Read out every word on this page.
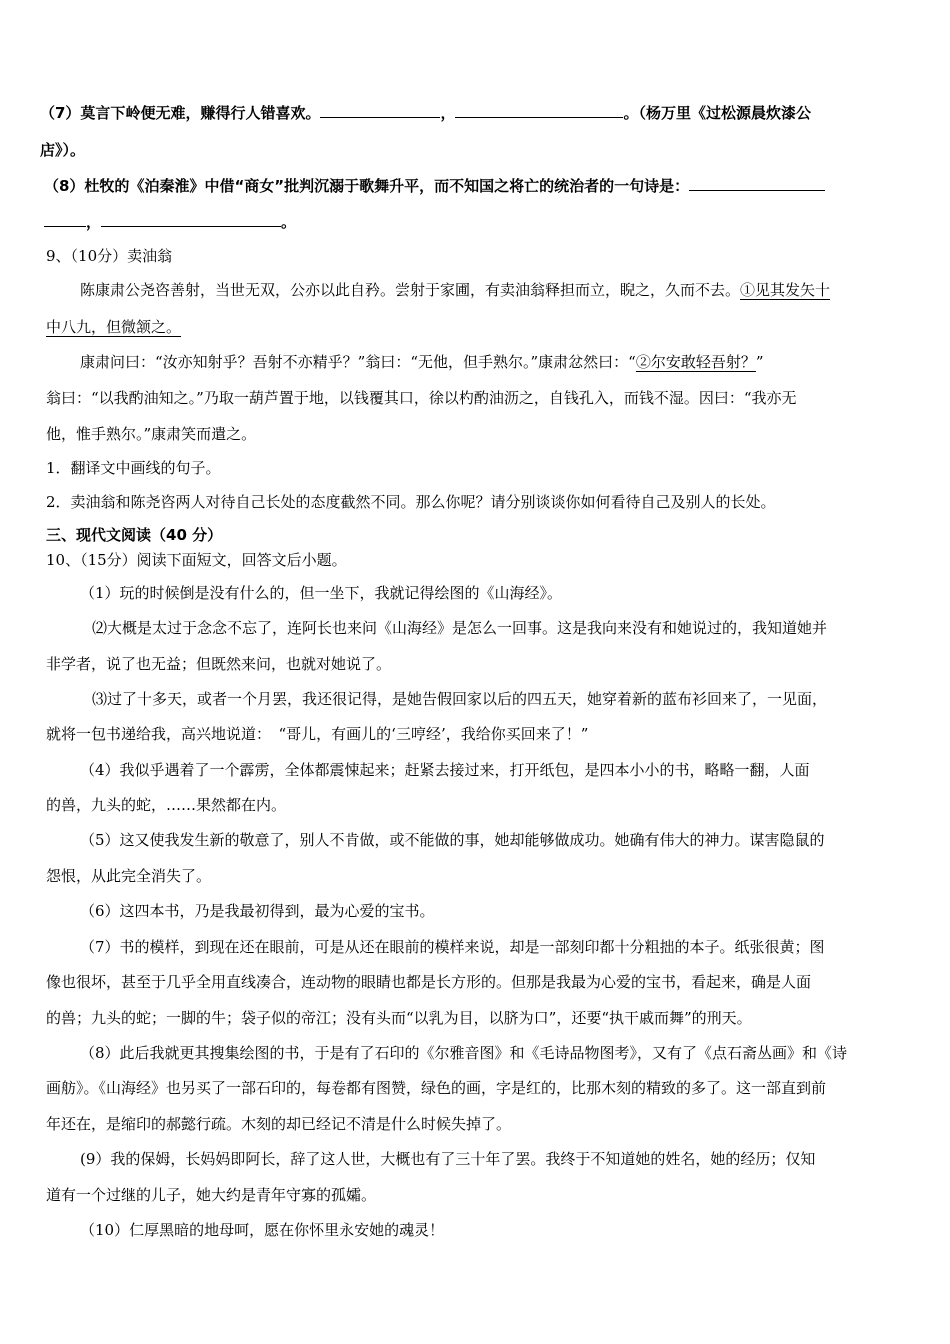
（7）莫言下岭便无难，赚得行人错喜欢。	，	。（杨万里《过松源晨炊漆公
店》）。
（8）杜牧的《泊秦淮》中借“商女”批判沉溺于歌舞升平，而不知国之将亡的统治者的一句诗是：
，	。
9、（10分）卖油翁
陈康肃公尧咨善射，当世无双，公亦以此自矜。尝射于家圃，有卖油翁释担而立，睨之，久而不去。①见其发矢十
中八九，但微颔之。
康肃问曰：“汝亦知射乎？吾射不亦精乎？”翁曰：“无他，但手熟尔。”康肃忿然曰：“②尔安敢轻吾射？”
翁曰：“以我酌油知之。”乃取一葫芦置于地，以钱覆其口，徐以杓酌油沥之，自钱孔入，而钱不湿。因曰：“我亦无
他，惟手熟尔。”康肃笑而遣之。
1．翻译文中画线的句子。
2．卖油翁和陈尧咨两人对待自己长处的态度截然不同。那么你呢？请分别谈谈你如何看待自己及别人的长处。
三、现代文阅读（40 分）
10、（15分）阅读下面短文，回答文后小题。
（1）玩的时候倒是没有什么的，但一坐下，我就记得绘图的《山海经》。
⑵大概是太过于念念不忘了，连阿长也来问《山海经》是怎么一回事。这是我向来没有和她说过的，我知道她并
非学者，说了也无益；但既然来问，也就对她说了。
⑶过了十多天，或者一个月罢，我还很记得，是她告假回家以后的四五天，她穿着新的蓝布衫回来了，一见面，
就将一包书递给我，高兴地说道：　“哥儿，有画儿的‘三哼经’，我给你买回来了！”
（4）我似乎遇着了一个霹雳，全体都震悚起来；赶紧去接过来，打开纸包，是四本小小的书，略略一翻，人面
的兽，九头的蛇，……果然都在内。
（5）这又使我发生新的敬意了，别人不肯做，或不能做的事，她却能够做成功。她确有伟大的神力。谋害隐鼠的
怨恨，从此完全消失了。
（6）这四本书，乃是我最初得到，最为心爱的宝书。
（7）书的模样，到现在还在眼前，可是从还在眼前的模样来说，却是一部刻印都十分粗拙的本子。纸张很黄；图
像也很坏，甚至于几乎全用直线凑合，连动物的眼睛也都是长方形的。但那是我最为心爱的宝书，看起来，确是人面
的兽；九头的蛇；一脚的牛；袋子似的帝江；没有头而“以乳为目，以脐为口”，还要“执干戚而舞”的刑天。
（8）此后我就更其搜集绘图的书，于是有了石印的《尔雅音图》和《毛诗品物图考》，又有了《点石斋丛画》和《诗
画舫》。《山海经》也另买了一部石印的，每卷都有图赞，绿色的画，字是红的，比那木刻的精致的多了。这一部直到前
年还在，是缩印的郝懿行疏。木刻的却已经记不清是什么时候失掉了。
(9）我的保姆，长妈妈即阿长，辞了这人世，大概也有了三十年了罢。我终于不知道她的姓名，她的经历；仅知
道有一个过继的儿子，她大约是青年守寡的孤孀。
（10）仁厚黑暗的地母呵，愿在你怀里永安她的魂灵！
